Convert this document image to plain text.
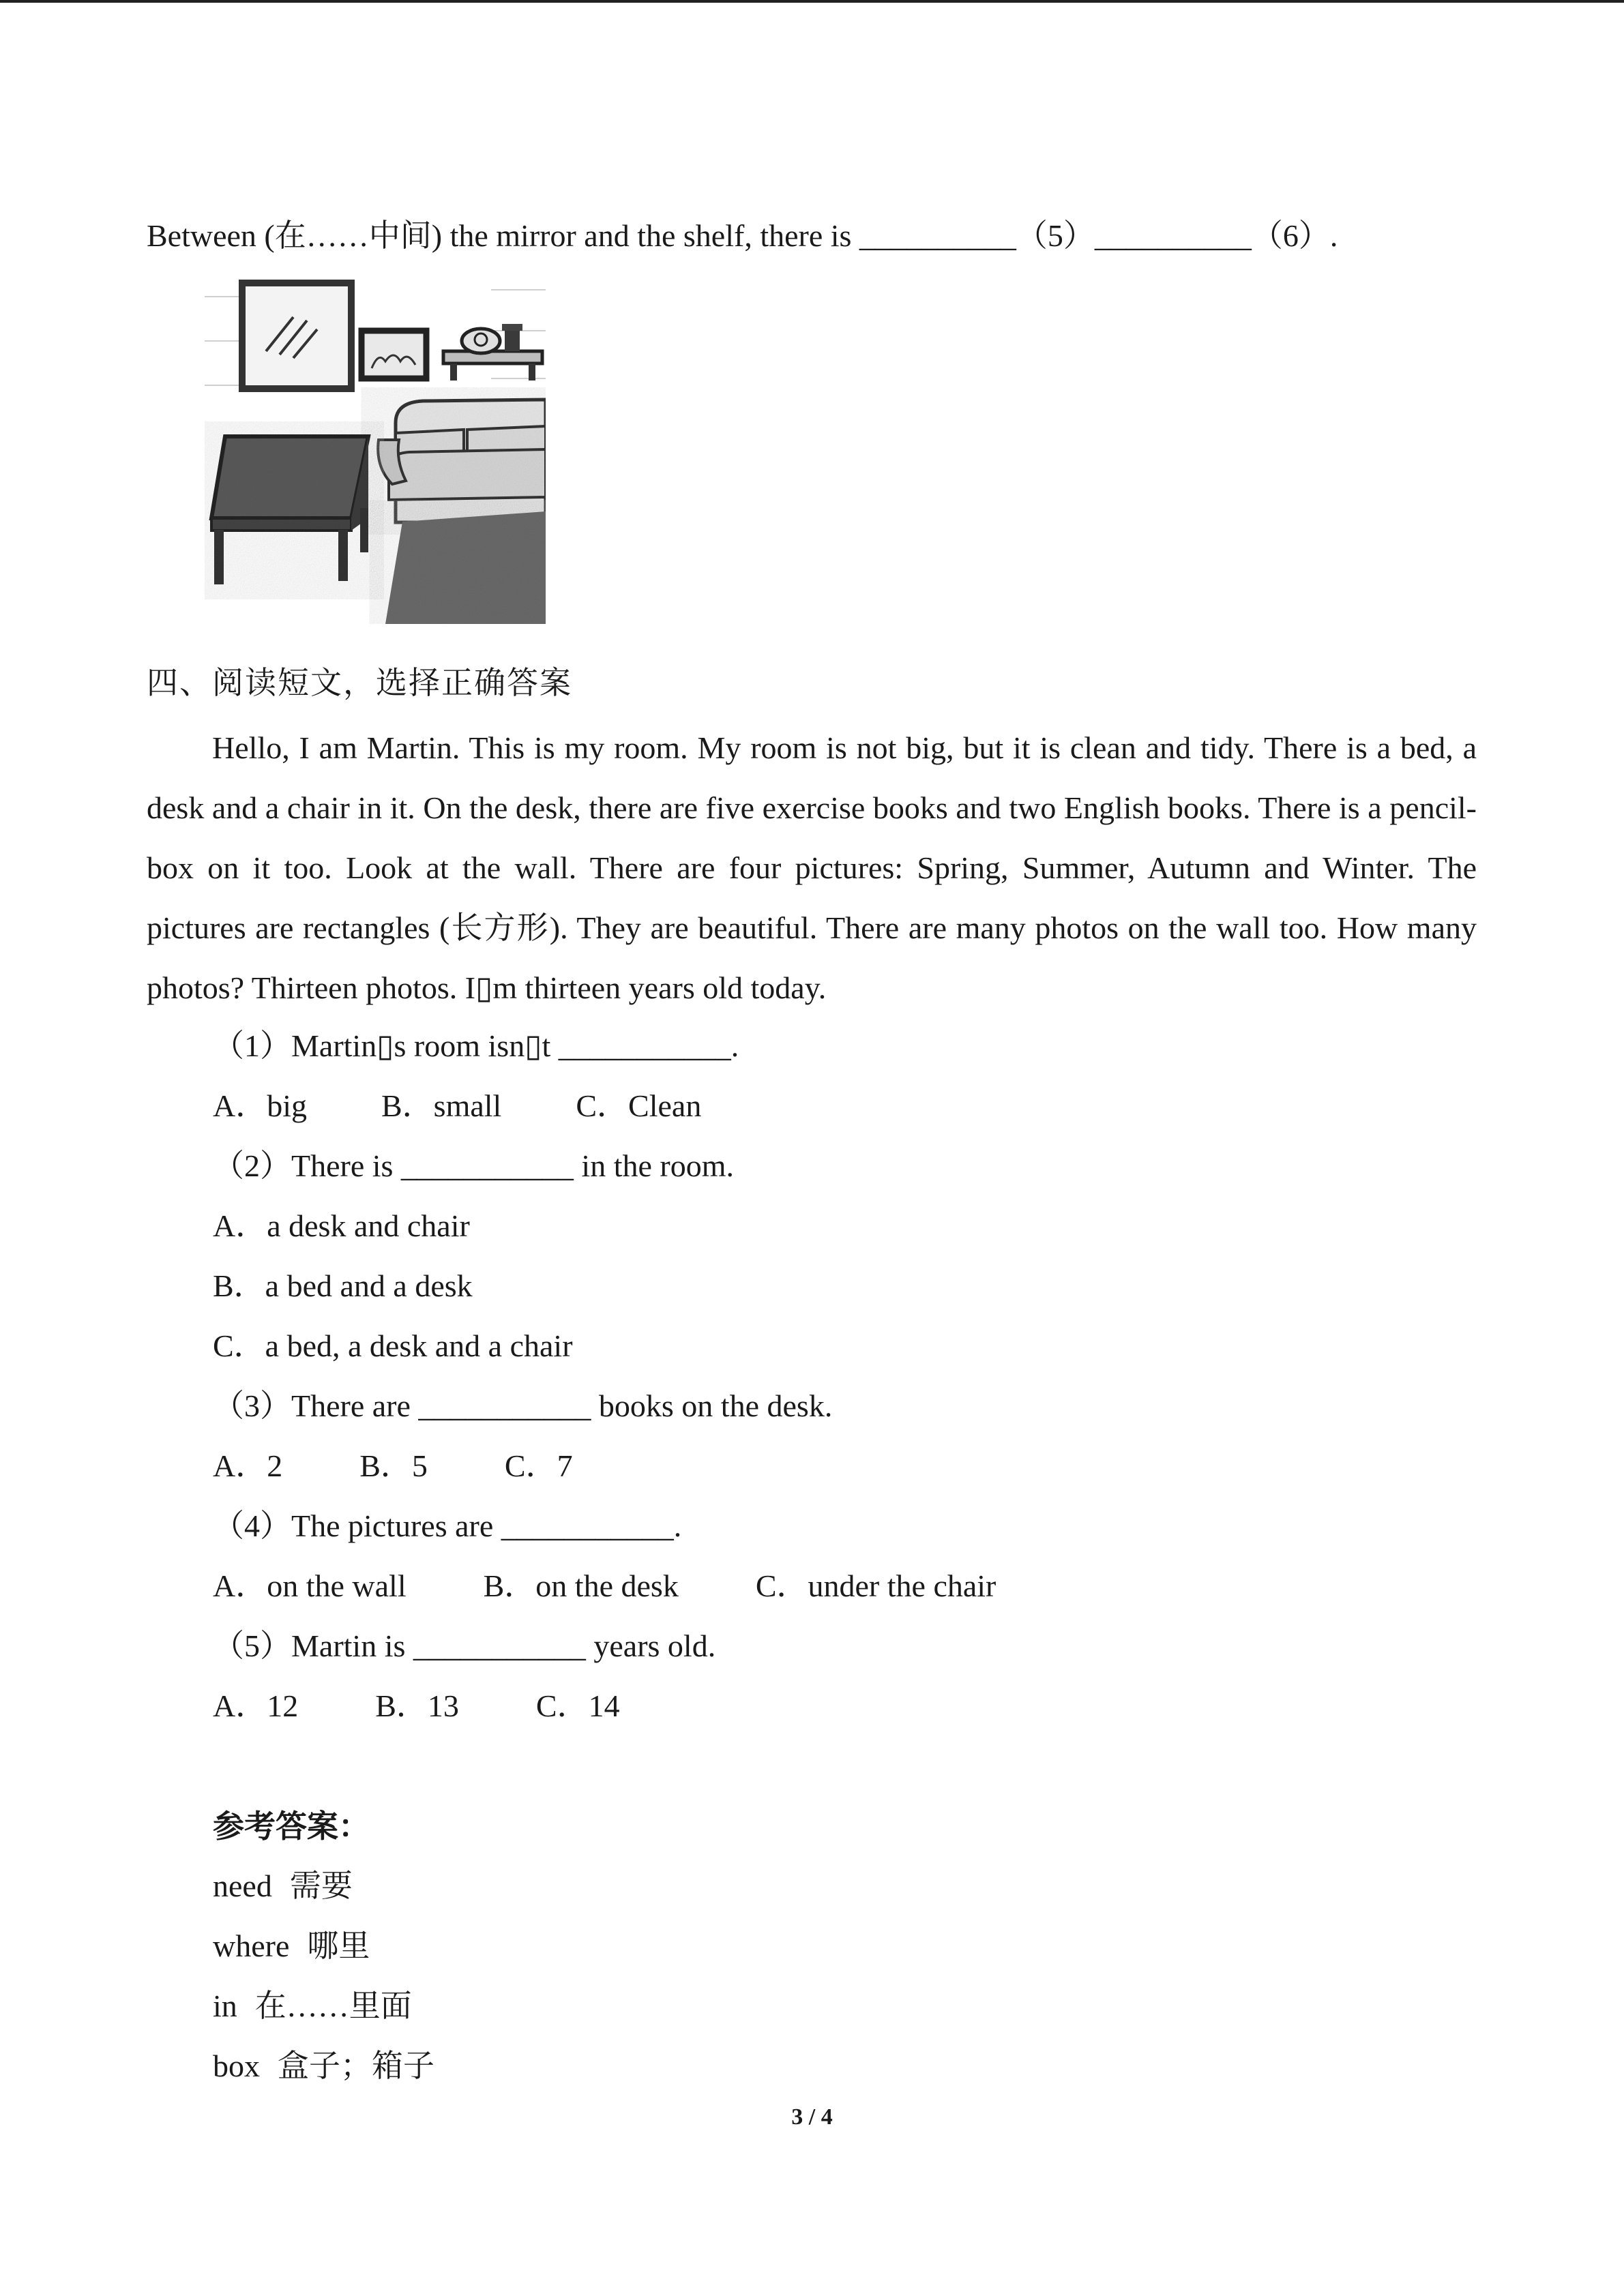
Between (在……中间) the mirror and the shelf, there is __________（5）__________（6）.
四、阅读短文，选择正确答案
Hello, I am Martin. This is my room. My room is not big, but it is clean and tidy. There is a bed, a desk and a chair in it. On the desk, there are five exercise books and two English books. There is a pencil-box on it too. Look at the wall. There are four pictures: Spring, Summer, Autumn and Winter. The pictures are rectangles (长方形). They are beautiful. There are many photos on the wall too. How many photos? Thirteen photos. I▯m thirteen years old today.
（1）Martin▯s room isn▯t ___________.
A．big B．small C．Clean
（2）There is ___________ in the room.
A．a desk and chair
B．a bed and a desk
C．a bed, a desk and a chair
（3）There are ___________ books on the desk.
A．2 B．5 C．7
（4）The pictures are ___________.
A．on the wall B．on the desk C．under the chair
（5）Martin is ___________ years old.
A．12 B．13 C．14
参考答案：
need 需要
where 哪里
in 在……里面
box 盒子；箱子
3 / 4
